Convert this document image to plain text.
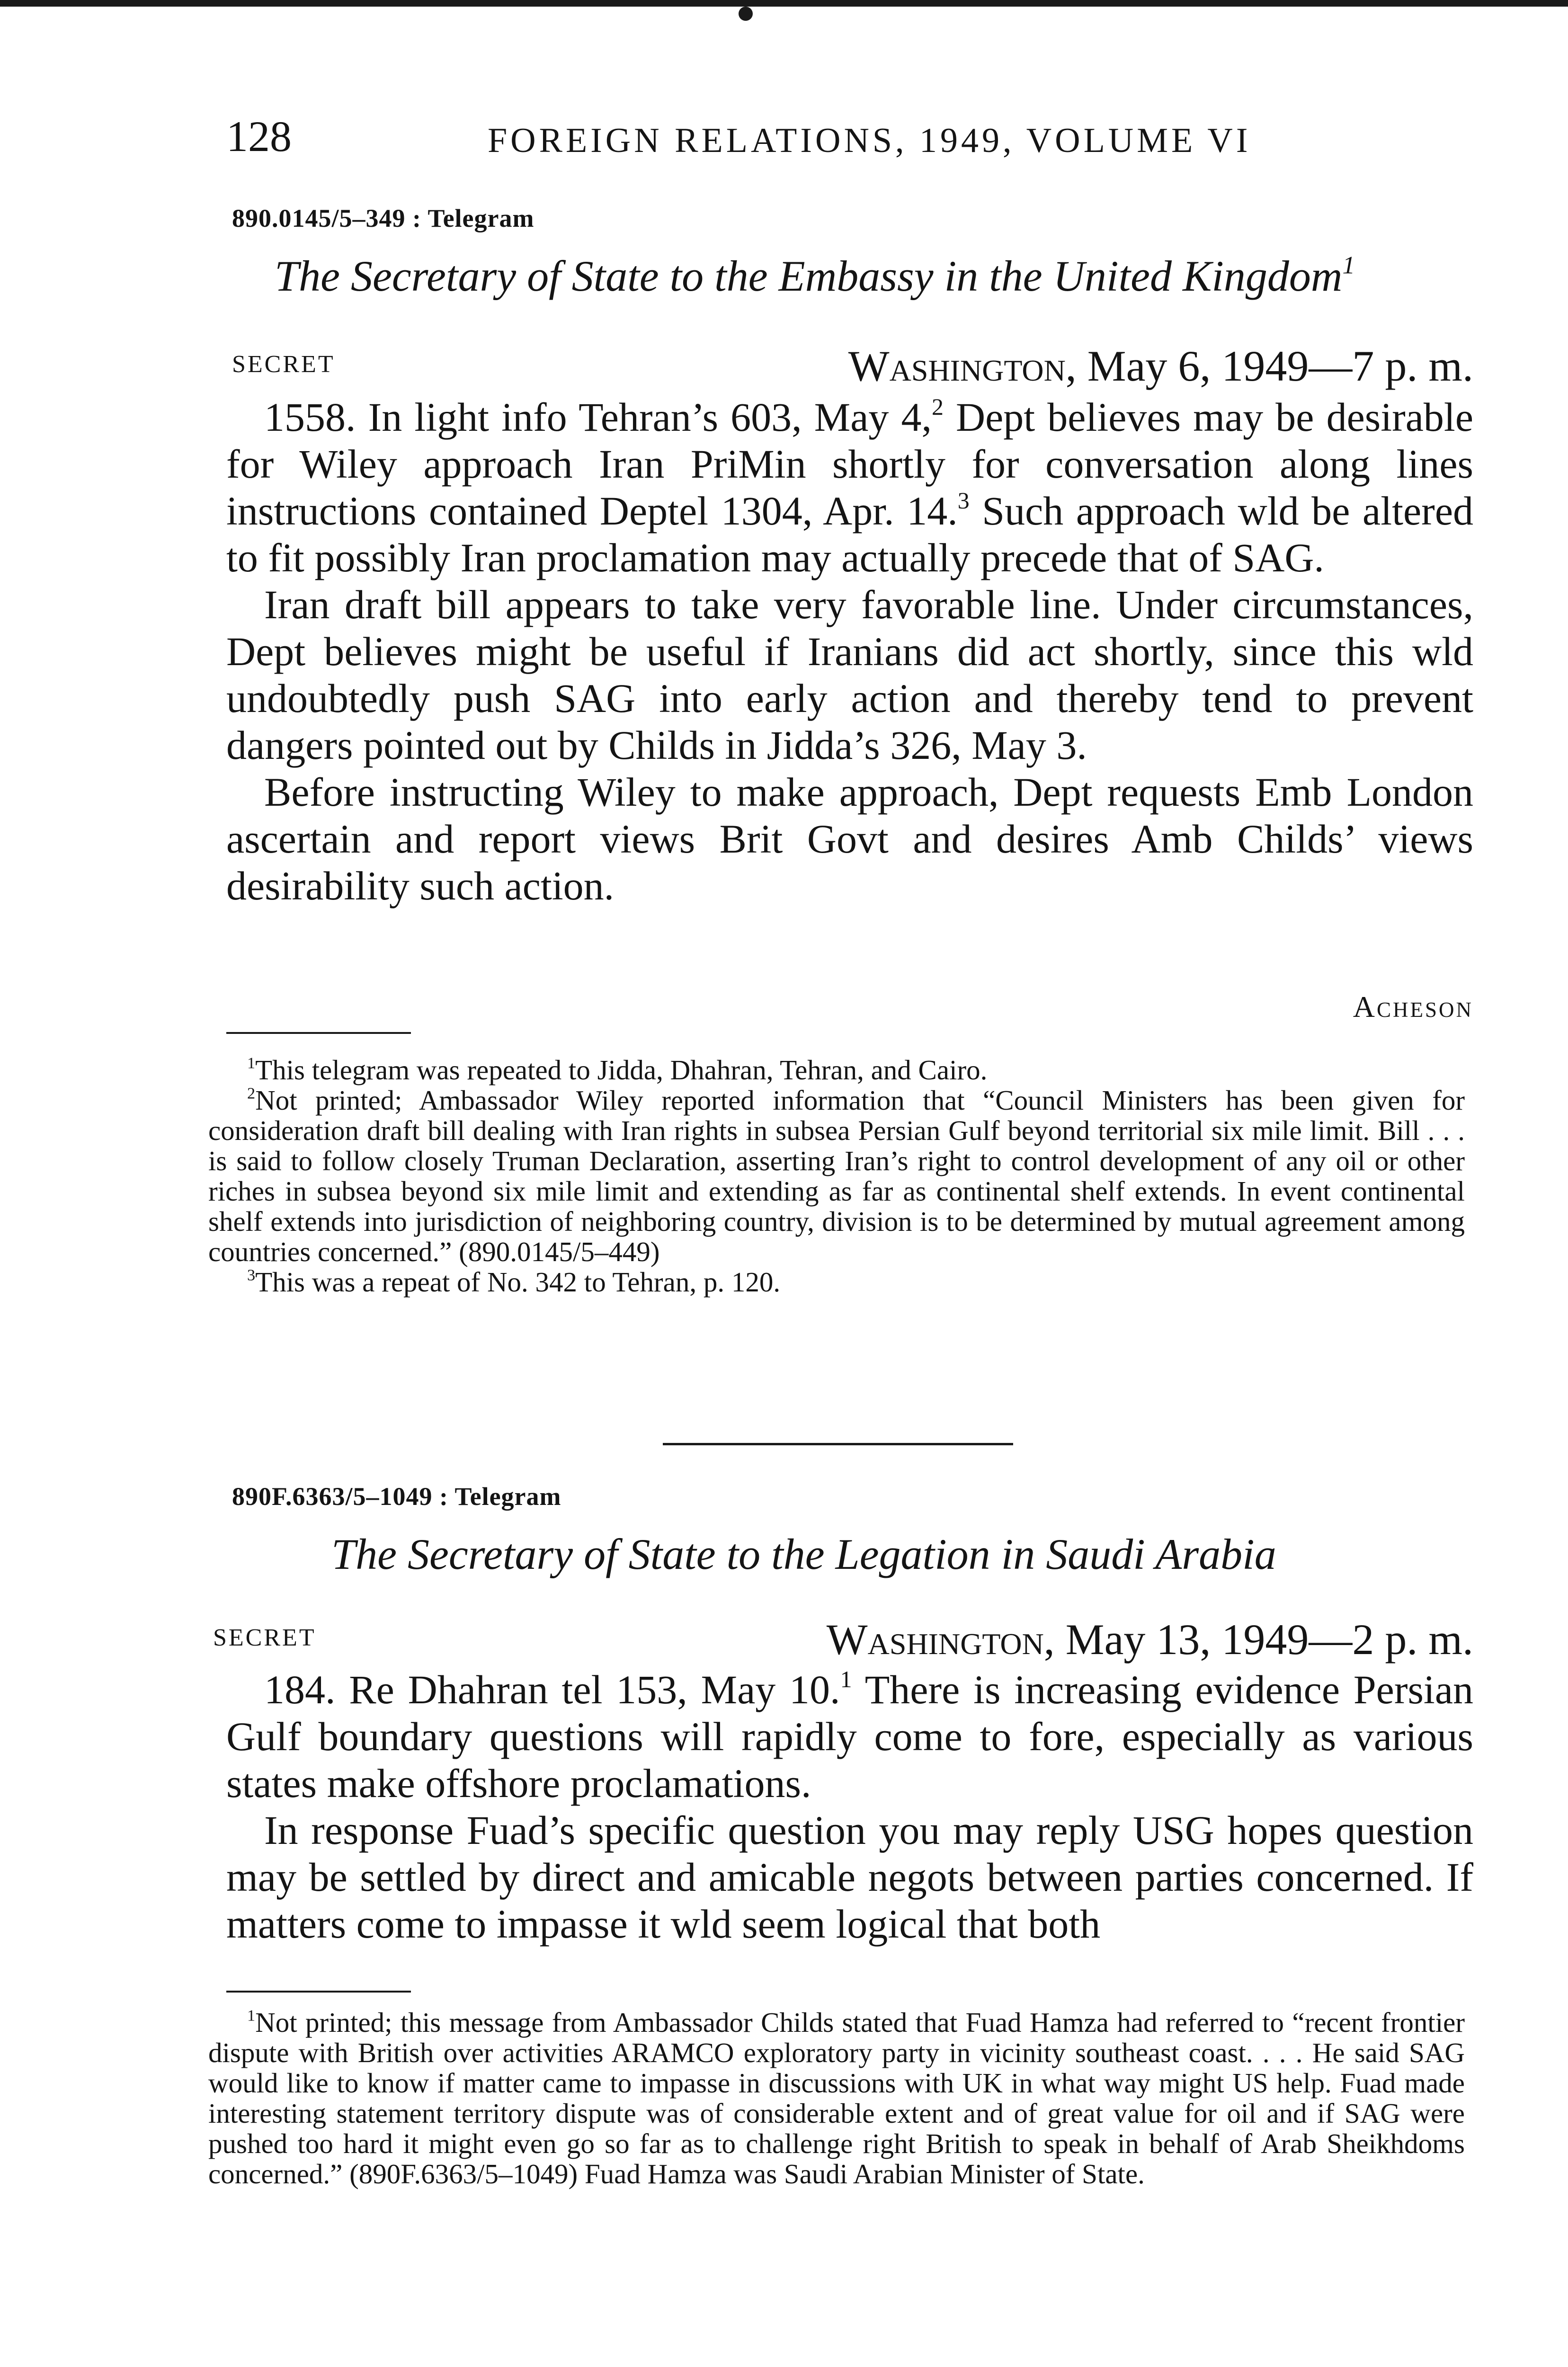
128	FOREIGN RELATIONS, 1949, VOLUME VI
890.0145/5–349 : Telegram
The Secretary of State to the Embassy in the United Kingdom$^1$
SECRET	Washington, May 6, 1949—7 p. m.

1558. In light info Tehran’s 603, May 4,$^2$ Dept believes may be desirable for Wiley approach Iran PriMin shortly for conversation along lines instructions contained Deptel 1304, Apr. 14.$^3$ Such approach wld be altered to fit possibly Iran proclamation may actually precede that of SAG.

Iran draft bill appears to take very favorable line. Under circumstances, Dept believes might be useful if Iranians did act shortly, since this wld undoubtedly push SAG into early action and thereby tend to prevent dangers pointed out by Childs in Jidda’s 326, May 3.

Before instructing Wiley to make approach, Dept requests Emb London ascertain and report views Brit Govt and desires Amb Childs’ views desirability such action.

Acheson

$^1$This telegram was repeated to Jidda, Dhahran, Tehran, and Cairo.

$^2$Not printed; Ambassador Wiley reported information that “Council Ministers has been given for consideration draft bill dealing with Iran rights in subsea Persian Gulf beyond territorial six mile limit. Bill . . . is said to follow closely Truman Declaration, asserting Iran’s right to control development of any oil or other riches in subsea beyond six mile limit and extending as far as continental shelf extends. In event continental shelf extends into jurisdiction of neighboring country, division is to be determined by mutual agreement among countries concerned.” (890.0145/5–449)

$^3$This was a repeat of No. 342 to Tehran, p. 120.

890F.6363/5–1049 : Telegram
The Secretary of State to the Legation in Saudi Arabia
SECRET	Washington, May 13, 1949—2 p. m.

184. Re Dhahran tel 153, May 10.$^1$ There is increasing evidence Persian Gulf boundary questions will rapidly come to fore, especially as various states make offshore proclamations.

In response Fuad’s specific question you may reply USG hopes question may be settled by direct and amicable negots between parties concerned. If matters come to impasse it wld seem logical that both

$^1$Not printed; this message from Ambassador Childs stated that Fuad Hamza had referred to “recent frontier dispute with British over activities ARAMCO exploratory party in vicinity southeast coast. . . . He said SAG would like to know if matter came to impasse in discussions with UK in what way might US help. Fuad made interesting statement territory dispute was of considerable extent and of great value for oil and if SAG were pushed too hard it might even go so far as to challenge right British to speak in behalf of Arab Sheikhdoms concerned.” (890F.6363/5–1049) Fuad Hamza was Saudi Arabian Minister of State.
